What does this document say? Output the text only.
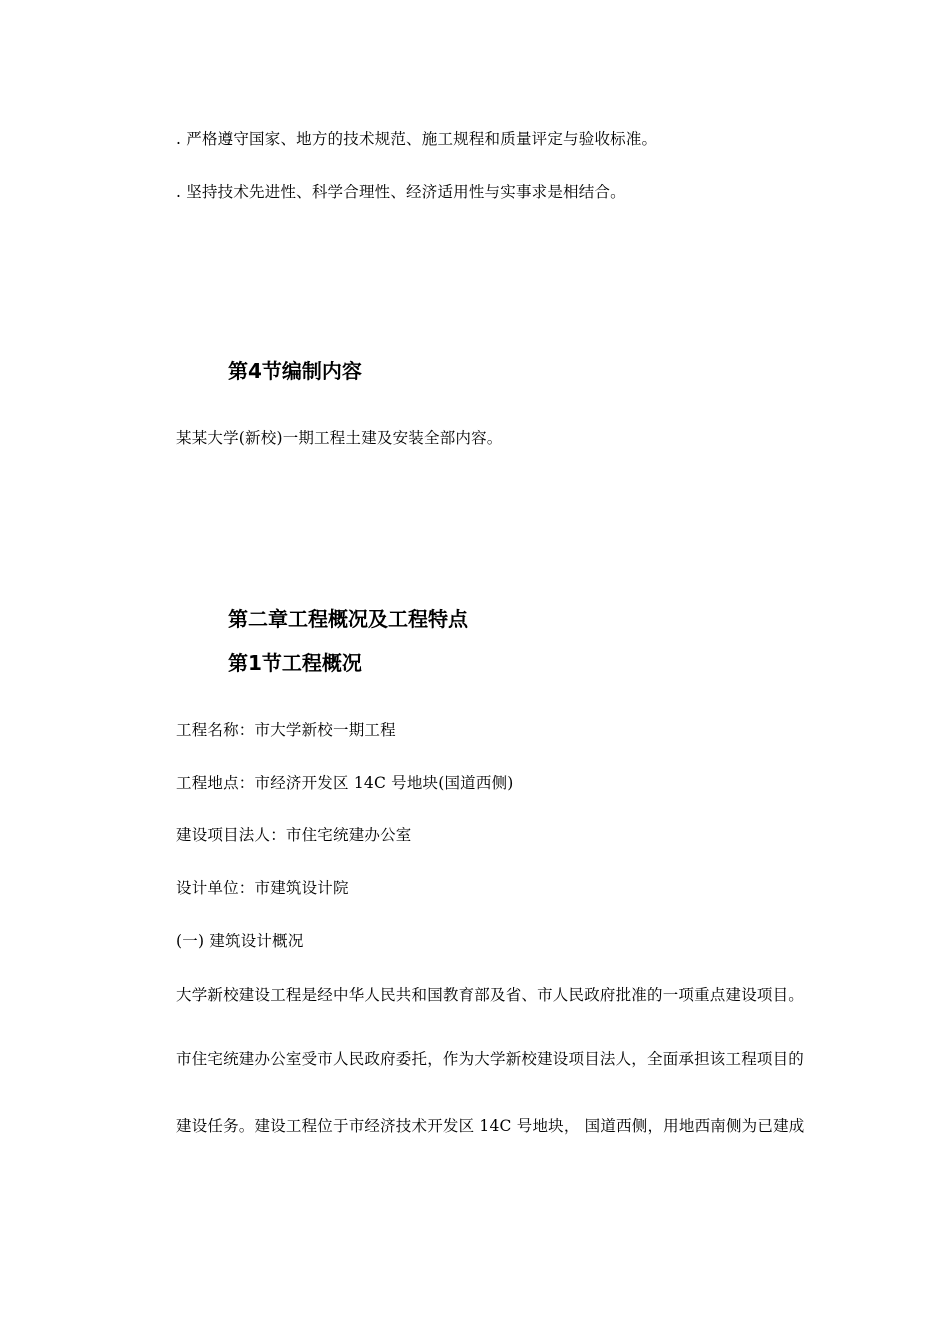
. 严格遵守国家、地方的技术规范、施工规程和质量评定与验收标准。
. 坚持技术先进性、科学合理性、经济适用性与实事求是相结合。
第4节编制内容
某某大学(新校)一期工程土建及安装全部内容。
第二章工程概况及工程特点
第1节工程概况
工程名称：市大学新校一期工程
工程地点：市经济开发区 14C 号地块(国道西侧)
建设项目法人：市住宅统建办公室
设计单位：市建筑设计院
(一) 建筑设计概况
大学新校建设工程是经中华人民共和国教育部及省、市人民政府批准的一项重点建设项目。
市住宅统建办公室受市人民政府委托，作为大学新校建设项目法人，全面承担该工程项目的
建设任务。建设工程位于市经济技术开发区 14C 号地块， 国道西侧，用地西南侧为已建成
